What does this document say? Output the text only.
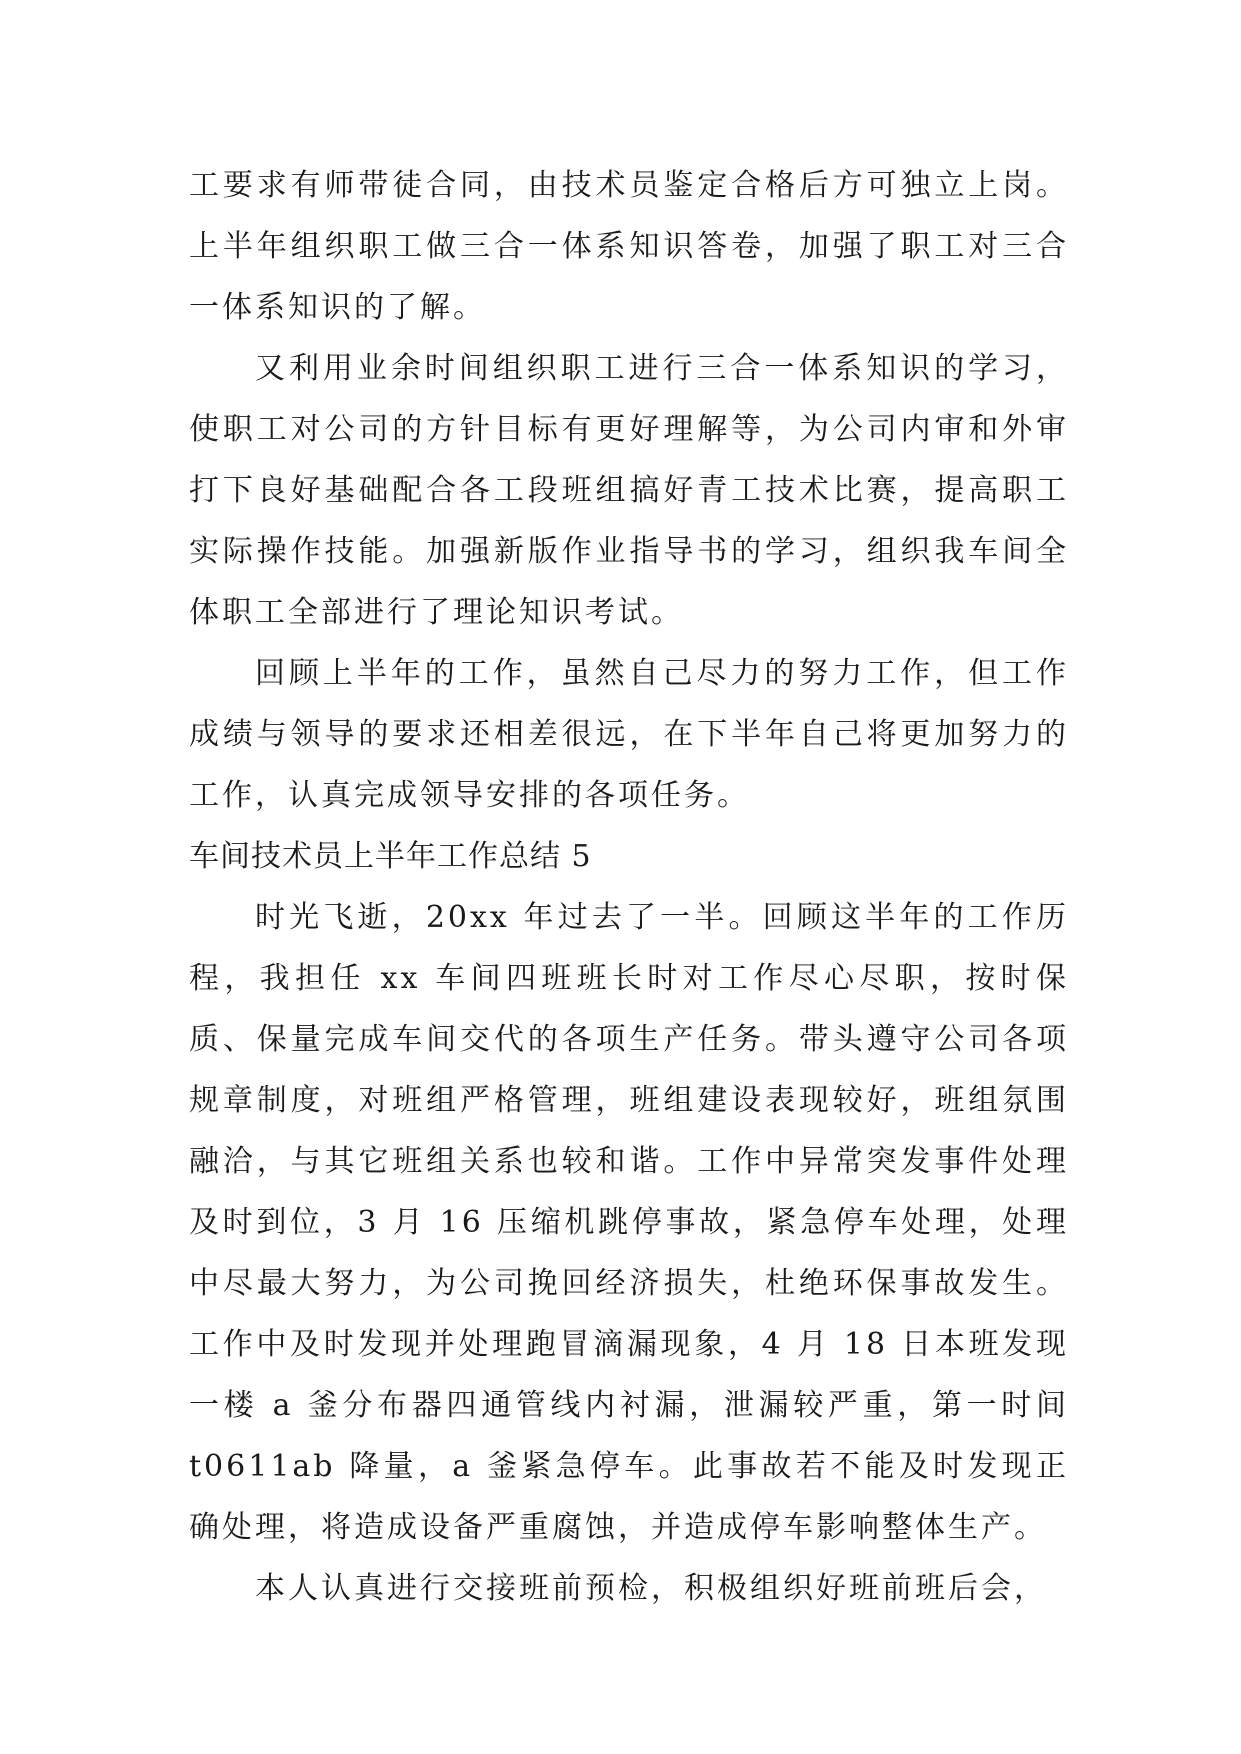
工要求有师带徒合同，由技术员鉴定合格后方可独立上岗。上半年组织职工做三合一体系知识答卷，加强了职工对三合一体系知识的了解。

又利用业余时间组织职工进行三合一体系知识的学习，使职工对公司的方针目标有更好理解等，为公司内审和外审打下良好基础配合各工段班组搞好青工技术比赛，提高职工实际操作技能。加强新版作业指导书的学习，组织我车间全体职工全部进行了理论知识考试。

回顾上半年的工作，虽然自己尽力的努力工作，但工作成绩与领导的要求还相差很远，在下半年自己将更加努力的工作，认真完成领导安排的各项任务。

车间技术员上半年工作总结 5

时光飞逝，20xx 年过去了一半。回顾这半年的工作历程，我担任 xx 车间四班班长时对工作尽心尽职，按时保质、保量完成车间交代的各项生产任务。带头遵守公司各项规章制度，对班组严格管理，班组建设表现较好，班组氛围融洽，与其它班组关系也较和谐。工作中异常突发事件处理及时到位，3 月 16 压缩机跳停事故，紧急停车处理，处理中尽最大努力，为公司挽回经济损失，杜绝环保事故发生。工作中及时发现并处理跑冒滴漏现象，4 月 18 日本班发现一楼 a 釜分布器四通管线内衬漏，泄漏较严重，第一时间 t0611ab 降量，a 釜紧急停车。此事故若不能及时发现正确处理，将造成设备严重腐蚀，并造成停车影响整体生产。

本人认真进行交接班前预检，积极组织好班前班后会，
